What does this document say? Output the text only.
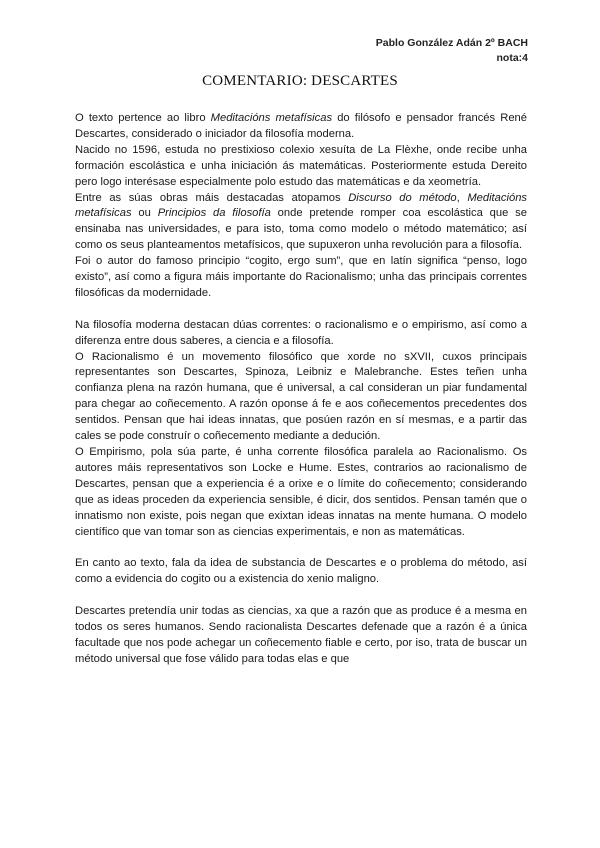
Pablo González Adán 2º BACH
nota:4
COMENTARIO: DESCARTES

O texto pertence ao libro Meditacións metafísicas do filósofo e pensador francés René Descartes, considerado o iniciador da filosofía moderna.

Nacido no 1596, estuda no prestixioso colexio xesuíta de La Flèxhe, onde recibe unha formación escolástica e unha iniciación ás matemáticas. Posteriormente estuda Dereito pero logo interésase especialmente polo estudo das matemáticas e da xeometría.

Entre as súas obras máis destacadas atopamos Discurso do método, Meditacións metafísicas ou Principios da filosofía onde pretende romper coa escolástica que se ensinaba nas universidades, e para isto, toma como modelo o método matemático; así como os seus planteamentos metafísicos, que supuxeron unha revolución para a filosofía.

Foi o autor do famoso principio “cogito, ergo sum”, que en latín significa “penso, logo existo”, así como a figura máis importante do Racionalismo; unha das principais correntes filosóficas da modernidade.

Na filosofía moderna destacan dúas correntes: o racionalismo e o empirismo, así como a diferenza entre dous saberes, a ciencia e a filosofía.

O Racionalismo é un movemento filosófico que xorde no sXVII, cuxos principais representantes son Descartes, Spinoza, Leibniz e Malebranche. Estes teñen unha confianza plena na razón humana, que é universal, a cal consideran un piar fundamental para chegar ao coñecemento. A razón oponse á fe e aos coñecementos precedentes dos sentidos. Pensan que hai ideas innatas, que posúen razón en sí mesmas, e a partir das cales se pode construír o coñecemento mediante a dedución.

O Empirismo, pola súa parte, é unha corrente filosófica paralela ao Racionalismo. Os autores máis representativos son Locke e Hume. Estes, contrarios ao racionalismo de Descartes, pensan que a experiencia é a orixe e o límite do coñecemento; considerando que as ideas proceden da experiencia sensible, é dicir, dos sentidos. Pensan tamén que o innatismo non existe, pois negan que exixtan ideas innatas na mente humana. O modelo científico que van tomar son as ciencias experimentais, e non as matemáticas.

En canto ao texto, fala da idea de substancia de Descartes e o problema do método, así como a evidencia do cogito ou a existencia do xenio maligno.

Descartes pretendía unir todas as ciencias, xa que a razón que as produce é a mesma en todos os seres humanos. Sendo racionalista Descartes defenade que a razón é a única facultade que nos pode achegar un coñecemento fiable e certo, por iso, trata de buscar un método universal que fose válido para todas elas e que
